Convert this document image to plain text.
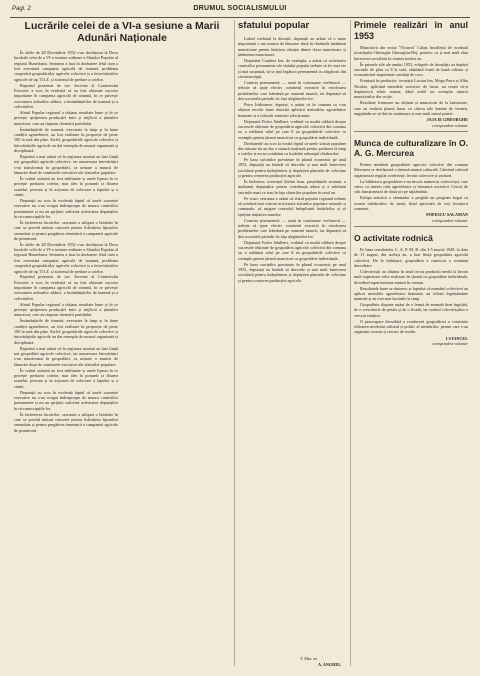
Pagi. 2	DRUMUL SOCIALISMULUI
Lucrările celei de a VI-a sesiune a Marii Adunări Naționale

În zilele de 28 Decembrie 1952 s-au desfășurat la Deva lucrările celei de a VI-a sesiune ordinare a Sfatului Popular al regiunii Hunedoara. Sesiunea a luat în dezbatere felul cum a fost executată campania agricolă de toamnă, problema cooperării gospodăriilor agricole colective și a întovărășirilor agricole de tip T.O.Z. și sistemul de predare a cotelor.

Raportul prezentat de tov. Secretar al Comitetului Executiv a scos în evidență că au fost obținute succese importante în campania agricolă de toamnă, în ce privește executarea arăturilor adânci, a însămânțărilor de toamnă și a colectărilor.

Sfatul Popular regional a obținut rezultate bune și în ce privește sprijinirea producției mici și mijlocii a țăranilor muncitori, care au răspuns chemării partidului.

Însămânțările de toamnă, executate la timp și în bune condiții agrotehnice, au fost realizate în proporție de peste 100 la sută din plan. Astfel, gospodăriile agricole colective și întovărășirile agricole au dat exemplu de muncă organizată și disciplinată.

Raportul a mai arătat că în regiunea noastră au luat ființă noi gospodării agricole colective, iar numeroase întovărășiri s-au transformat în gospodării, ca urmare a muncii de lămurire dusă de comitetele executive ale sfaturilor populare.

În cadrul sesiunii au fost subliniate și unele lipsuri în ce privește predarea cotelor, mai ales la porumb și floarea soarelui, precum și în acțiunea de colectare a laptelui și a cărnii.

Deputații au scos în evidență faptul că unele comitete executive nu s-au ocupat îndeaproape de munca comisiilor permanente și nu au sprijinit suficient activitatea deputaților în circumscripțiile lor.

În încheierea lucrărilor, sesiunea a adoptat o hotărâre în care se prevăd măsuri concrete pentru lichidarea lipsurilor semnalate și pentru pregătirea temeinică a campaniei agricole de primăvară.

În zilele de 28 Decembrie 1952 s-au desfășurat la Deva lucrările celei de a VI-a sesiune ordinare a Sfatului Popular al regiunii Hunedoara. Sesiunea a luat în dezbatere felul cum a fost executată campania agricolă de toamnă, problema cooperării gospodăriilor agricole colective și a întovărășirilor agricole de tip T.O.Z. și sistemul de predare a cotelor.

Raportul prezentat de tov. Secretar al Comitetului Executiv a scos în evidență că au fost obținute succese importante în campania agricolă de toamnă, în ce privește executarea arăturilor adânci, a însămânțărilor de toamnă și a colectărilor.

Sfatul Popular regional a obținut rezultate bune și în ce privește sprijinirea producției mici și mijlocii a țăranilor muncitori, care au răspuns chemării partidului.

Însămânțările de toamnă, executate la timp și în bune condiții agrotehnice, au fost realizate în proporție de peste 100 la sută din plan. Astfel, gospodăriile agricole colective și întovărășirile agricole au dat exemplu de muncă organizată și disciplinată.

Raportul a mai arătat că în regiunea noastră au luat ființă noi gospodării agricole colective, iar numeroase întovărășiri s-au transformat în gospodării, ca urmare a muncii de lămurire dusă de comitetele executive ale sfaturilor populare.

În cadrul sesiunii au fost subliniate și unele lipsuri în ce privește predarea cotelor, mai ales la porumb și floarea soarelui, precum și în acțiunea de colectare a laptelui și a cărnii.

Deputații au scos în evidență faptul că unele comitete executive nu s-au ocupat îndeaproape de munca comisiilor permanente și nu au sprijinit suficient activitatea deputaților în circumscripțiile lor.

În încheierea lucrărilor, sesiunea a adoptat o hotărâre în care se prevăd măsuri concrete pentru lichidarea lipsurilor semnalate și pentru pregătirea temeinică a campaniei agricole de primăvară.

sfatului popular

Luând cuvântul la discuții, deputații au arătat că o mare importanță o are munca de lămurire dusă în rândurile țărănimii muncitoare pentru întărirea alianței dintre clasa muncitoare și țărănimea muncitoare.

Deputatul Candrea Ion, de exemplu, a arătat că activitatea comisiilor permanente ale sfatului popular trebuie să fie mai vie și mai susținută, să se țină legătura permanentă cu alegătorii din circumscripții.

Comisia permanentă — arată în continuare vorbitorul — trebuie să ajute efectiv comitetul executiv în rezolvarea problemelor care frământă pe oamenii muncii, iar deputații să dea socoteală periodic în fața alegătorilor lor.

Petru Iridioanea, deputat, a arătat că în comuna sa s-au obținut recolte bune datorită aplicării metodelor agrotehnice înaintate și a folosirii seminței selecționate.

Deputatul Fodor Adalbert, vorbind cu multă căldură despre succesele obținute de gospodăria agricolă colectivă din comuna sa, a subliniat rolul pe care îl au gospodăriile colective ca exemplu pentru țăranii muncitori cu gospodărie individuală.

Dezbaterile au scos la iveală faptul că unele sfaturi populare din raioane nu au dus o muncă susținută pentru predarea la timp a cotelor și nu au combătut cu hotărâre sabotajul chiaburilor.

Pe baza sarcinilor prevăzute în planul economic pe anul 1953, deputații au hotărât să dezvolte și mai mult întrecerea socialistă pentru îndeplinirea și depășirea planului de colectare și pentru creșterea producției agricole.

În încheiere, tovarășul Ștefan Ioan, președintele sesiunii, a mulțumit deputaților pentru contribuția adusă și a subliniat sarcinile mari ce stau în fața sfaturilor populare în noul an.

Pe scurt: sesiunea a arătat că sfatul popular regional trebuie să conducă mai concret activitatea sfaturilor populare raionale și comunale, să asigure controlul îndeplinirii hotărârilor și să sprijine inițiativa maselor.

Comisia permanentă — arată în continuare vorbitorul — trebuie să ajute efectiv comitetul executiv în rezolvarea problemelor care frământă pe oamenii muncii, iar deputații să dea socoteală periodic în fața alegătorilor lor.

Deputatul Fodor Adalbert, vorbind cu multă căldură despre succesele obținute de gospodăria agricolă colectivă din comuna sa, a subliniat rolul pe care îl au gospodăriile colective ca exemplu pentru țăranii muncitori cu gospodărie individuală.

Pe baza sarcinilor prevăzute în planul economic pe anul 1953, deputații au hotărât să dezvolte și mai mult întrecerea socialistă pentru îndeplinirea și depășirea planului de colectare și pentru creșterea producției agricole.

T. Mur. nr.
A. ANGHEL
Primele realizări în anul 1953

Muncitorii din secția "Victoria" Călan, însuflețiți de cuvântul tovarășului Gheorghe Gheorghiu-Dej, pornesc cu și mai mult elan întrecerea socialistă în cinstea noului an.

În primele zile ale anului 1953, echipele de furnaliști au depășit sarcinile de plan cu 8 la sută, obținând fontă de bună calitate și economisind importante cantități de cocs.

Fruntașii în producție, tovarășii Lucian Ion, Moga Petru și Albu Nicolae, aplicând metodele sovietice de lucru, au reușit să-și depășească zilnic norma, dând astfel un exemplu tuturor muncitorilor din secție.

Rezultate frumoase au obținut și muncitorii de la laminoare, care au realizat planul lunar cu câteva zile înainte de termen, angajându-se să dea în continuare și mai mult metal patriei.

JAJA IE GHEORGHE
corespondent voluntar
Munca de culturalizare în O. A. G. Mercurea

Printre membrii gospodăriei agricole colective din comuna Mercurea se desfășoară o intensă muncă culturală. Căminul cultural organizează regulat conferințe, lecturi colective și șezători.

La biblioteca gospodăriei s-au înscris numeroși colectiviști, care citesc cu interes cărți agrotehnice și literatură sovietică. Cercul de citit funcționează de două ori pe săptămână.

Echipa artistică a căminului a pregătit un program bogat cu ocazia sărbătorilor de iarnă, fiind apreciată de toți locuitorii comunei.

POPESCU SALAMAN
corespondent voluntar
O activitate rodnică

Pe baza rezultatelor C. A. P. M. R. din 3-5 martie 1949, la data de 11 august, din același an, a luat ființă gospodăria agricolă colectivă. De la înființare, gospodăria a cunoscut o continuă dezvoltare.

Colectiviștii au obținut în anul trecut producții medii la hectar mult superioare celor realizate de țăranii cu gospodărie individuală, dovedind superioritatea muncii în comun.

Rezultatele bune se datoresc și faptului că membrii colectivei au aplicat metodele agrotehnice înaintate, au folosit îngrășăminte naturale și au executat lucrările la timp.

Gospodăria dispune astăzi de o fermă de animale bine îngrijită, de o crescătorie de păsări și de o livadă, iar venitul colectiviștilor a crescut simțitor.

O preocupare deosebită a conducerii gospodăriei o constituie ridicarea nivelului cultural și politic al membrilor, pentru care s-au organizat cursuri și cercuri de studiu.

I STANCEL
corespondent voluntar
